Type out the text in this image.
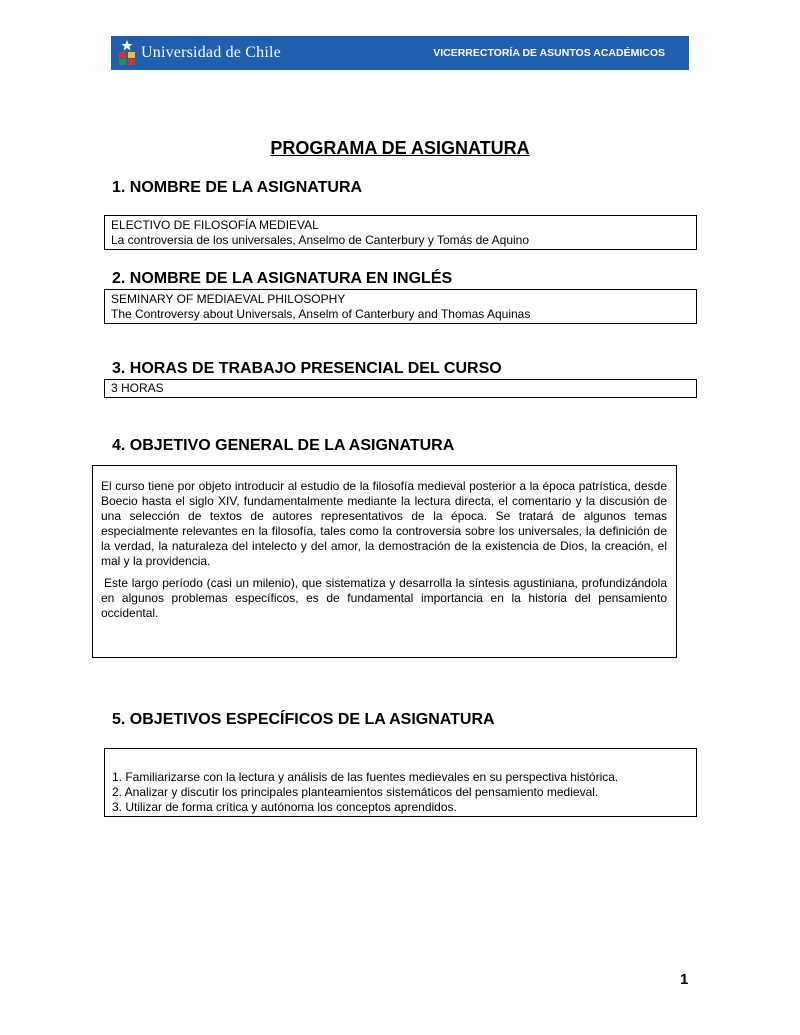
Universidad de Chile	VICERRECTORÍA DE ASUNTOS ACADÉMICOS
PROGRAMA DE ASIGNATURA
1. NOMBRE DE LA ASIGNATURA
ELECTIVO DE FILOSOFÍA MEDIEVAL
La controversia de los universales, Anselmo de Canterbury y Tomás de Aquino
2. NOMBRE DE LA ASIGNATURA EN INGLÉS
SEMINARY OF MEDIAEVAL PHILOSOPHY
The Controversy about Universals, Anselm of Canterbury and Thomas Aquinas
3. HORAS DE TRABAJO PRESENCIAL DEL CURSO
3 HORAS
4. OBJETIVO GENERAL DE LA ASIGNATURA
El curso tiene por objeto introducir al estudio de la filosofía medieval posterior a la época patrística, desde Boecio hasta el siglo XIV, fundamentalmente mediante la lectura directa, el comentario y la discusión de una selección de textos de autores representativos de la época. Se tratará de algunos temas especialmente relevantes en la filosofía, tales como la controversia sobre los universales, la definición de la verdad, la naturaleza del intelecto y del amor, la demostración de la existencia de Dios, la creación, el mal y la providencia.
Este largo período (casi un milenio), que sistematiza y desarrolla la síntesis agustiniana, profundizándola en algunos problemas específicos, es de fundamental importancia en la historia del pensamiento occidental.
5. OBJETIVOS ESPECÍFICOS DE LA ASIGNATURA
1. Familiarizarse con la lectura y análisis de las fuentes medievales en su perspectiva histórica.
2. Analizar y discutir los principales planteamientos sistemáticos del pensamiento medieval.
3. Utilizar de forma crítica y autónoma los conceptos aprendidos.
1
